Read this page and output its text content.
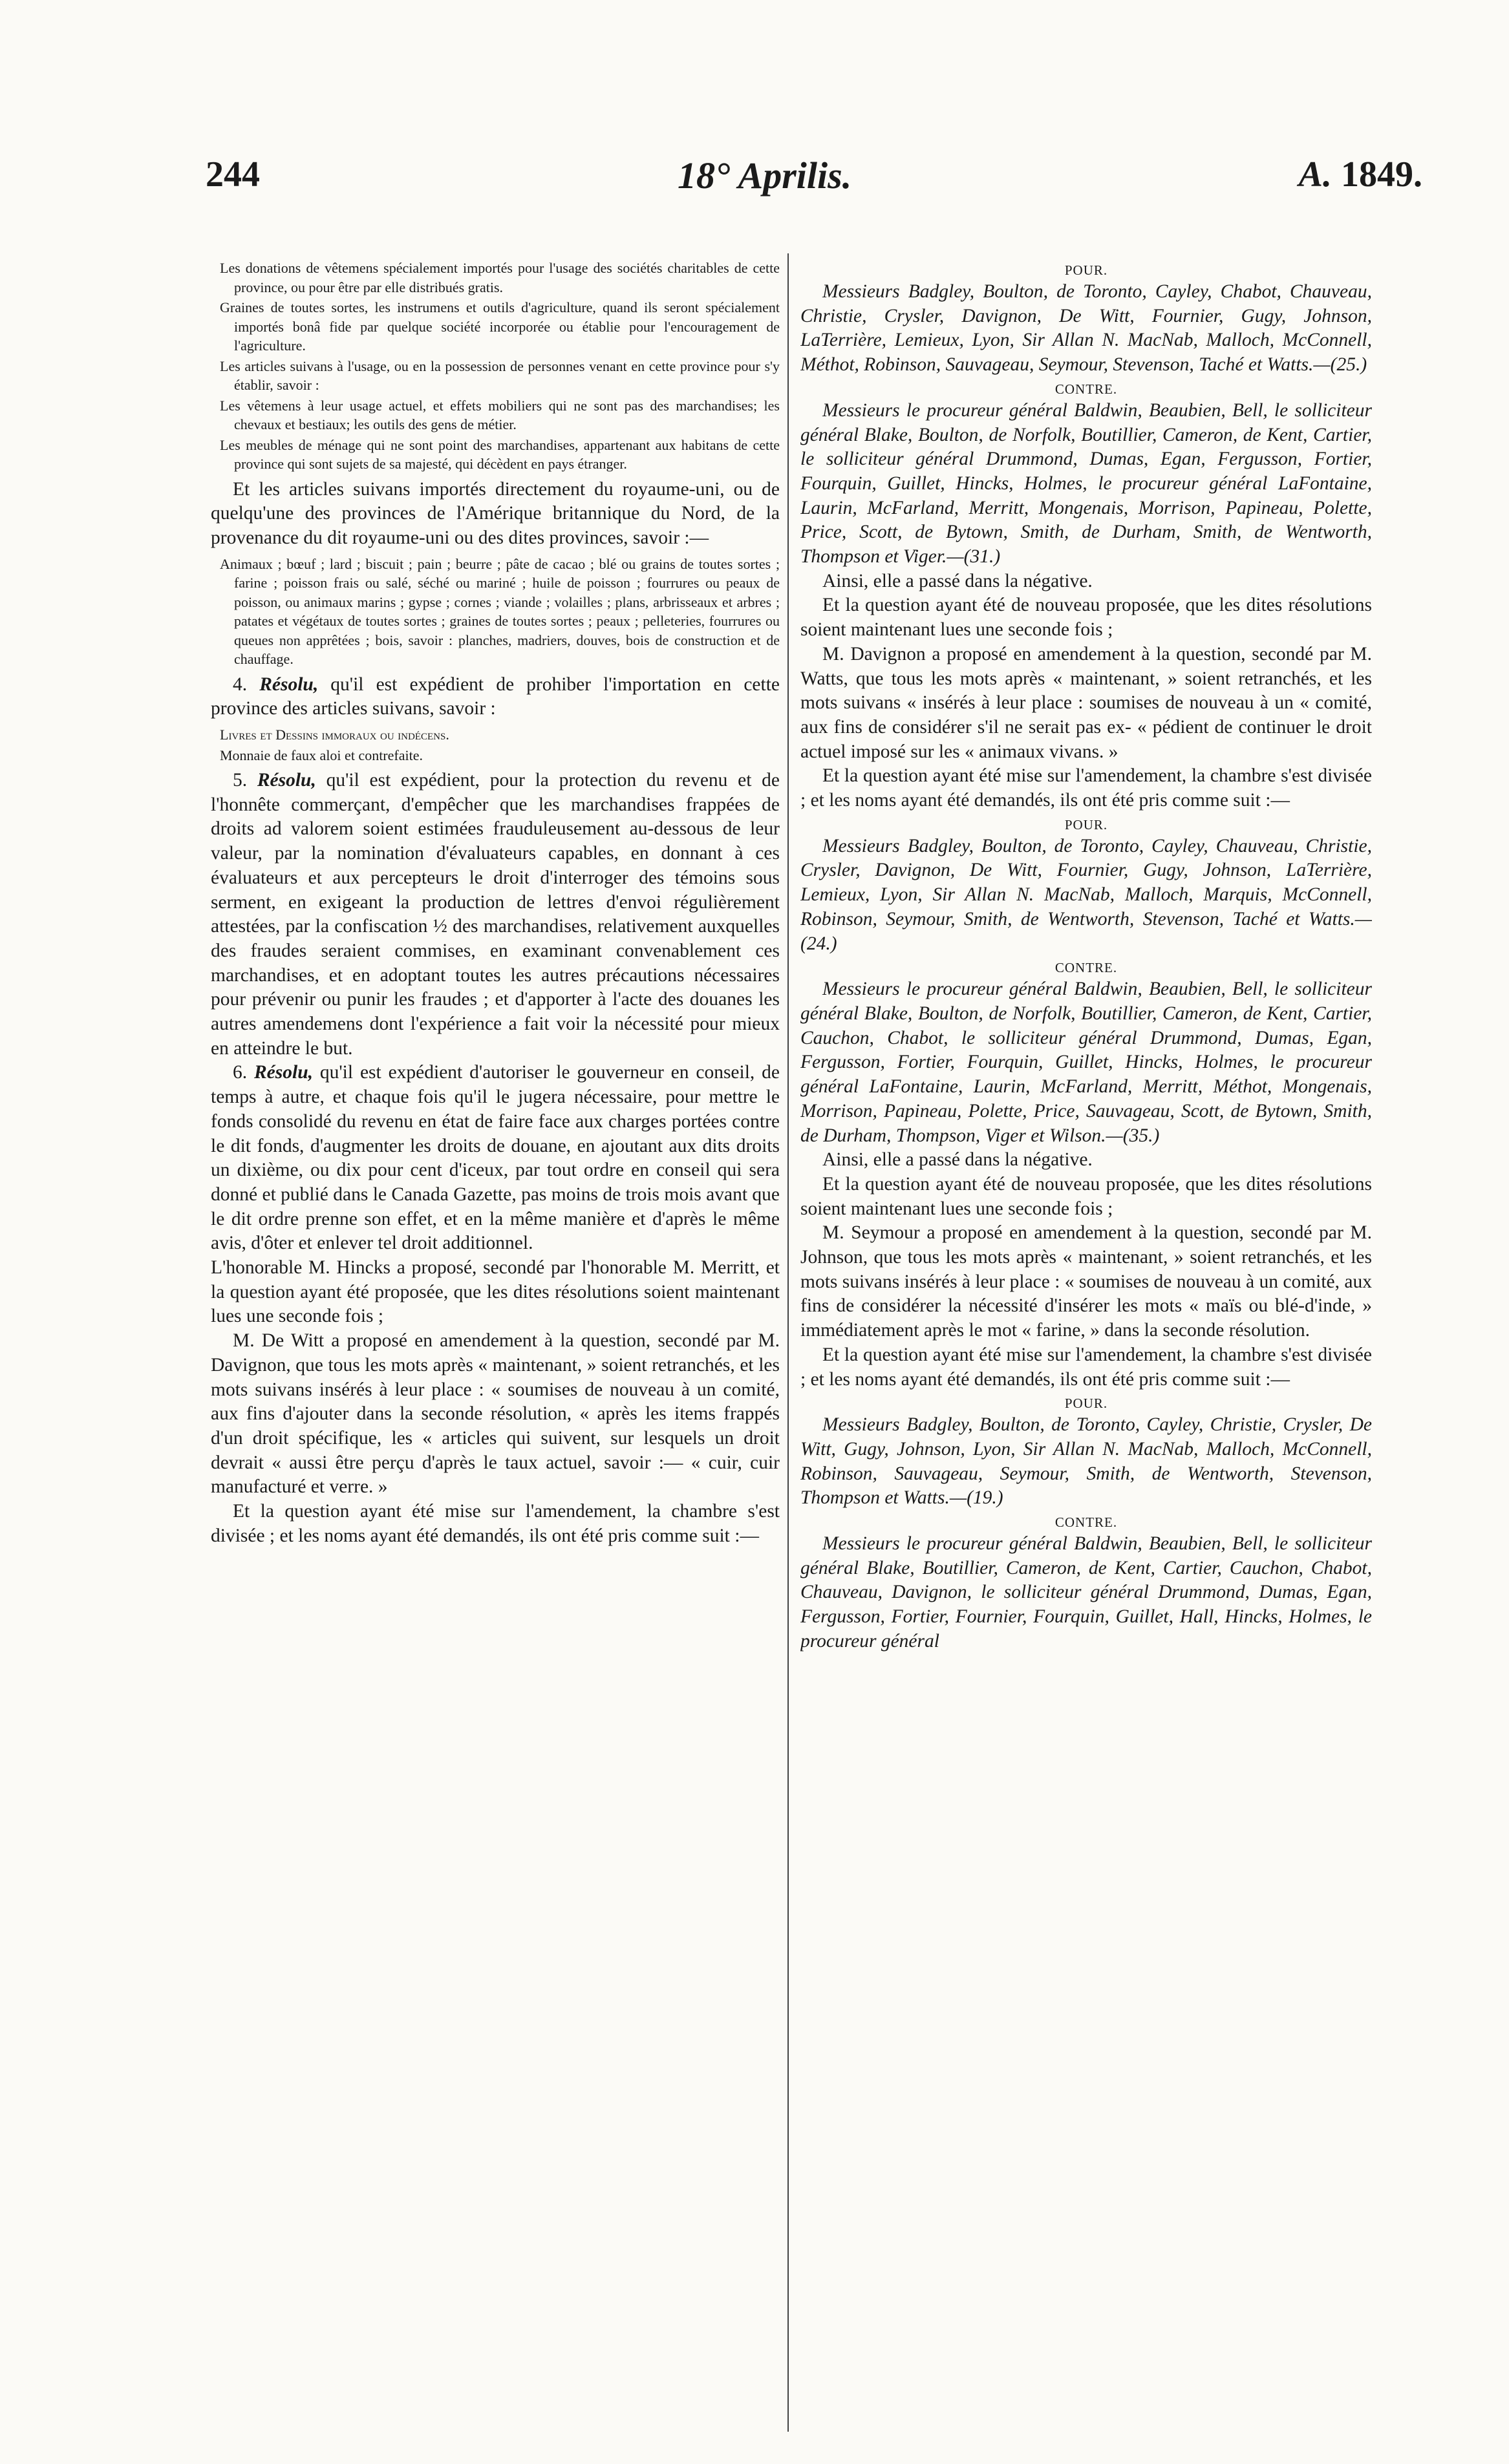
244	18° Aprilis.	A. 1849.

Les donations de vêtemens spécialement importés pour l'usage des sociétés charitables de cette province, ou pour être par elle distribués gratis.

Graines de toutes sortes, les instrumens et outils d'agriculture, quand ils seront spécialement importés bonâ fide par quelque société incorporée ou établie pour l'encouragement de l'agriculture.

Les articles suivans à l'usage, ou en la possession de personnes venant en cette province pour s'y établir, savoir :

Les vêtemens à leur usage actuel, et effets mobiliers qui ne sont pas des marchandises; les chevaux et bestiaux; les outils des gens de métier.

Les meubles de ménage qui ne sont point des marchandises, appartenant aux habitans de cette province qui sont sujets de sa majesté, qui décèdent en pays étranger.

Et les articles suivans importés directement du royaume-uni, ou de quelqu'une des provinces de l'Amérique britannique du Nord, de la provenance du dit royaume-uni ou des dites provinces, savoir :—

Animaux ; bœuf ; lard ; biscuit ; pain ; beurre ; pâte de cacao ; blé ou grains de toutes sortes ; farine ; poisson frais ou salé, séché ou mariné ; huile de poisson ; fourrures ou peaux de poisson, ou animaux marins ; gypse ; cornes ; viande ; volailles ; plans, arbrisseaux et arbres ; patates et végétaux de toutes sortes ; graines de toutes sortes ; peaux ; pelleteries, fourrures ou queues non apprêtées ; bois, savoir : planches, madriers, douves, bois de construction et de chauffage.

4. Résolu, qu'il est expédient de prohiber l'importation en cette province des articles suivans, savoir :

Livres et Dessins immoraux ou indécens.

Monnaie de faux aloi et contrefaite.

5. Résolu, qu'il est expédient, pour la protection du revenu et de l'honnête commerçant, d'empêcher que les marchandises frappées de droits ad valorem soient estimées frauduleusement au-dessous de leur valeur, par la nomination d'évaluateurs capables, en donnant à ces évaluateurs et aux percepteurs le droit d'interroger des témoins sous serment, en exigeant la production de lettres d'envoi régulièrement attestées, par la confiscation ½ des marchandises, relativement auxquelles des fraudes seraient commises, en examinant convenablement ces marchandises, et en adoptant toutes les autres précautions nécessaires pour prévenir ou punir les fraudes ; et d'apporter à l'acte des douanes les autres amendemens dont l'expérience a fait voir la nécessité pour mieux en atteindre le but.

6. Résolu, qu'il est expédient d'autoriser le gouverneur en conseil, de temps à autre, et chaque fois qu'il le jugera nécessaire, pour mettre le fonds consolidé du revenu en état de faire face aux charges portées contre le dit fonds, d'augmenter les droits de douane, en ajoutant aux dits droits un dixième, ou dix pour cent d'iceux, par tout ordre en conseil qui sera donné et publié dans le Canada Gazette, pas moins de trois mois avant que le dit ordre prenne son effet, et en la même manière et d'après le même avis, d'ôter et enlever tel droit additionnel.

L'honorable M. Hincks a proposé, secondé par l'honorable M. Merritt, et la question ayant été proposée, que les dites résolutions soient maintenant lues une seconde fois ;

M. De Witt a proposé en amendement à la question, secondé par M. Davignon, que tous les mots après « maintenant, » soient retranchés, et les mots suivans insérés à leur place : « soumises de nouveau à un comité, aux fins d'ajouter dans la seconde résolution, « après les items frappés d'un droit spécifique, les « articles qui suivent, sur lesquels un droit devrait « aussi être perçu d'après le taux actuel, savoir :— « cuir, cuir manufacturé et verre. »

Et la question ayant été mise sur l'amendement, la chambre s'est divisée ; et les noms ayant été demandés, ils ont été pris comme suit :—

POUR.

Messieurs Badgley, Boulton, de Toronto, Cayley, Chabot, Chauveau, Christie, Crysler, Davignon, De Witt, Fournier, Gugy, Johnson, LaTerrière, Lemieux, Lyon, Sir Allan N. MacNab, Malloch, McConnell, Méthot, Robinson, Sauvageau, Seymour, Stevenson, Taché et Watts.—(25.)

CONTRE.

Messieurs le procureur général Baldwin, Beaubien, Bell, le solliciteur général Blake, Boulton, de Norfolk, Boutillier, Cameron, de Kent, Cartier, le solliciteur général Drummond, Dumas, Egan, Fergusson, Fortier, Fourquin, Guillet, Hincks, Holmes, le procureur général LaFontaine, Laurin, McFarland, Merritt, Mongenais, Morrison, Papineau, Polette, Price, Scott, de Bytown, Smith, de Durham, Smith, de Wentworth, Thompson et Viger.—(31.)

Ainsi, elle a passé dans la négative.

Et la question ayant été de nouveau proposée, que les dites résolutions soient maintenant lues une seconde fois ;

M. Davignon a proposé en amendement à la question, secondé par M. Watts, que tous les mots après « maintenant, » soient retranchés, et les mots suivans « insérés à leur place : soumises de nouveau à un « comité, aux fins de considérer s'il ne serait pas ex- « pédient de continuer le droit actuel imposé sur les « animaux vivans. »

Et la question ayant été mise sur l'amendement, la chambre s'est divisée ; et les noms ayant été demandés, ils ont été pris comme suit :—

POUR.

Messieurs Badgley, Boulton, de Toronto, Cayley, Chauveau, Christie, Crysler, Davignon, De Witt, Fournier, Gugy, Johnson, LaTerrière, Lemieux, Lyon, Sir Allan N. MacNab, Malloch, Marquis, McConnell, Robinson, Seymour, Smith, de Wentworth, Stevenson, Taché et Watts.—(24.)

CONTRE.

Messieurs le procureur général Baldwin, Beaubien, Bell, le solliciteur général Blake, Boulton, de Norfolk, Boutillier, Cameron, de Kent, Cartier, Cauchon, Chabot, le solliciteur général Drummond, Dumas, Egan, Fergusson, Fortier, Fourquin, Guillet, Hincks, Holmes, le procureur général LaFontaine, Laurin, McFarland, Merritt, Méthot, Mongenais, Morrison, Papineau, Polette, Price, Sauvageau, Scott, de Bytown, Smith, de Durham, Thompson, Viger et Wilson.—(35.)

Ainsi, elle a passé dans la négative.

Et la question ayant été de nouveau proposée, que les dites résolutions soient maintenant lues une seconde fois ;

M. Seymour a proposé en amendement à la question, secondé par M. Johnson, que tous les mots après « maintenant, » soient retranchés, et les mots suivans insérés à leur place : « soumises de nouveau à un comité, aux fins de considérer la nécessité d'insérer les mots « maïs ou blé-d'inde, » immédiatement après le mot « farine, » dans la seconde résolution.

Et la question ayant été mise sur l'amendement, la chambre s'est divisée ; et les noms ayant été demandés, ils ont été pris comme suit :—

POUR.

Messieurs Badgley, Boulton, de Toronto, Cayley, Christie, Crysler, De Witt, Gugy, Johnson, Lyon, Sir Allan N. MacNab, Malloch, McConnell, Robinson, Sauvageau, Seymour, Smith, de Wentworth, Stevenson, Thompson et Watts.—(19.)

CONTRE.

Messieurs le procureur général Baldwin, Beaubien, Bell, le solliciteur général Blake, Boutillier, Cameron, de Kent, Cartier, Cauchon, Chabot, Chauveau, Davignon, le solliciteur général Drummond, Dumas, Egan, Fergusson, Fortier, Fournier, Fourquin, Guillet, Hall, Hincks, Holmes, le procureur général
